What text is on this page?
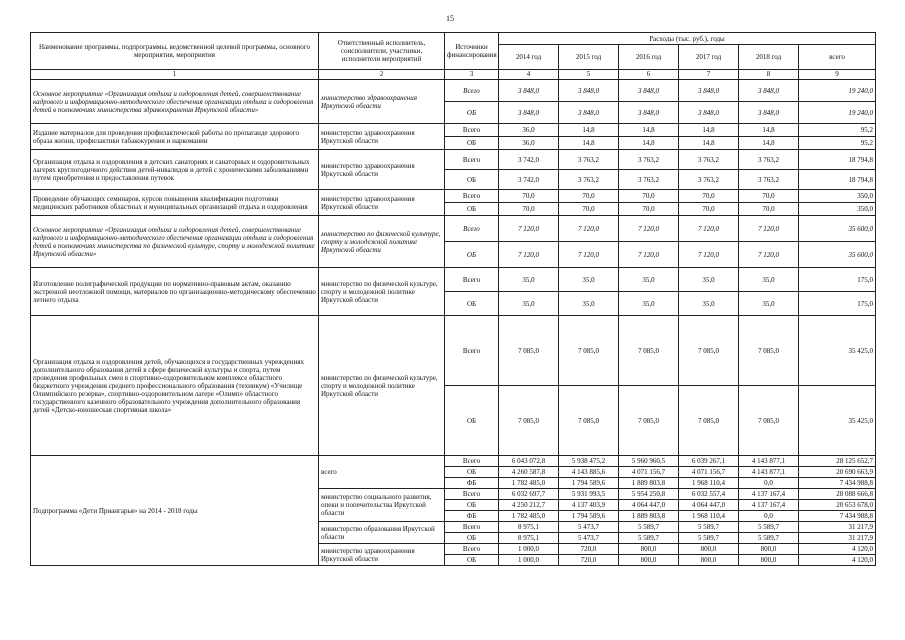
15
Наименование программы, подпрограммы, ведомственной целевой программы, основного мероприятия, мероприятия	Ответственный исполнитель, соисполнители, участники, исполнители мероприятий	Источники финансирования	Расходы (тыс. руб.), годы					
			2014 год	2015 год	2016 год	2017 год	2018 год	всего
1	2	3	4	5	6	7	8	9
Основное мероприятие «Организация отдыха и оздоровления детей, совершенствование кадрового и информационно-методического обеспечения организации отдыха и оздоровления детей в полномочиях министерства здравоохранения Иркутской области»	министерство здравоохранения Иркутской области	Всего	3 848,0	3 848,0	3 848,0	3 848,0	3 848,0	19 240,0
		ОБ	3 848,0	3 848,0	3 848,0	3 848,0	3 848,0	19 240,0
Издание материалов для проведения профилактической работы по пропаганде здорового образа жизни, профилактики табакокурения и наркомании	министерство здравоохранения Иркутской области	Всего	36,0	14,8	14,8	14,8	14,8	95,2
		ОБ	36,0	14,8	14,8	14,8	14,8	95,2
Организация отдыха и оздоровления в детских санаториях и санаторных и оздоровительных лагерях круглогодичного действия детей-инвалидов и детей с хроническими заболеваниями путем приобретения и предоставления путевок	министерство здравоохранения Иркутской области	Всего	3 742,0	3 763,2	3 763,2	3 763,2	3 763,2	18 794,8
		ОБ	3 742,0	3 763,2	3 763,2	3 763,2	3 763,2	18 794,8
Проведение обучающих семинаров, курсов повышения квалификации подготовки медицинских работников областных и муниципальных организаций отдыха и оздоровления	министерство здравоохранения Иркутской области	Всего	70,0	70,0	70,0	70,0	70,0	350,0
		ОБ	70,0	70,0	70,0	70,0	70,0	350,0
Основное мероприятие «Организация отдыха и оздоровления детей, совершенствование кадрового и информационно-методического обеспечения организации отдыха и оздоровления детей в полномочиях министерства по физической культуре, спорту и молодежной политике Иркутской области»	министерство по физической культуре, спорту и молодежной политике Иркутской области	Всего	7 120,0	7 120,0	7 120,0	7 120,0	7 120,0	35 600,0
		ОБ	7 120,0	7 120,0	7 120,0	7 120,0	7 120,0	35 600,0
Изготовление полиграфической продукции по нормативно-правовым актам, оказанию экстренной неотложной помощи, материалов по организационно-методическому обеспечению летнего отдыха	министерство по физической культуре, спорту и молодежной политике Иркутской области	Всего	35,0	35,0	35,0	35,0	35,0	175,0
		ОБ	35,0	35,0	35,0	35,0	35,0	175,0
Организация отдыха и оздоровления детей, обучающихся в государственных учреждениях дополнительного образования детей в сфере физической культуры и спорта, путем проведения профильных смен в спортивно-оздоровительном комплексе областного бюджетного учреждения среднего профессионального образования (техникум) «Училище Олимпийского резерва», спортивно-оздоровительном лагере «Олимп» областного государственного казенного образовательного учреждения дополнительного образования детей «Детско-юношеская спортивная школа»	министерство по физической культуре, спорту и молодежной политике Иркутской области	Всего	7 085,0	7 085,0	7 085,0	7 085,0	7 085,0	35 425,0
		ОБ	7 085,0	7 085,0	7 085,0	7 085,0	7 085,0	35 425,0
Подпрограмма «Дети Приангарья» на 2014 - 2018 годы	всего	Всего	6 043 072,8	5 938 475,2	5 960 960,5	6 039 267,1	4 143 877,1	28 125 652,7
		ОБ	4 260 587,8	4 143 885,6	4 071 156,7	4 071 156,7	4 143 877,1	20 690 663,9
		ФБ	1 782 485,0	1 794 589,6	1 889 803,8	1 968 110,4	0,0	7 434 988,8
	министерство социального развития, опеки и попечительства Иркутской области	Всего	6 032 697,7	5 931 993,5	5 954 250,8	6 032 557,4	4 137 167,4	28 088 666,8
		ОБ	4 250 212,7	4 137 403,9	4 064 447,0	4 064 447,0	4 137 167,4	20 653 678,0
		ФБ	1 782 485,0	1 794 589,6	1 889 803,8	1 968 110,4	0,0	7 434 988,8
	министерство образования Иркутской области	Всего	8 975,1	5 473,7	5 589,7	5 589,7	5 589,7	31 217,9
		ОБ	8 975,1	5 473,7	5 589,7	5 589,7	5 589,7	31 217,9
	министерство здравоохранения Иркутской области	Всего	1 000,0	720,0	800,0	800,0	800,0	4 120,0
		ОБ	1 000,0	720,0	800,0	800,0	800,0	4 120,0
